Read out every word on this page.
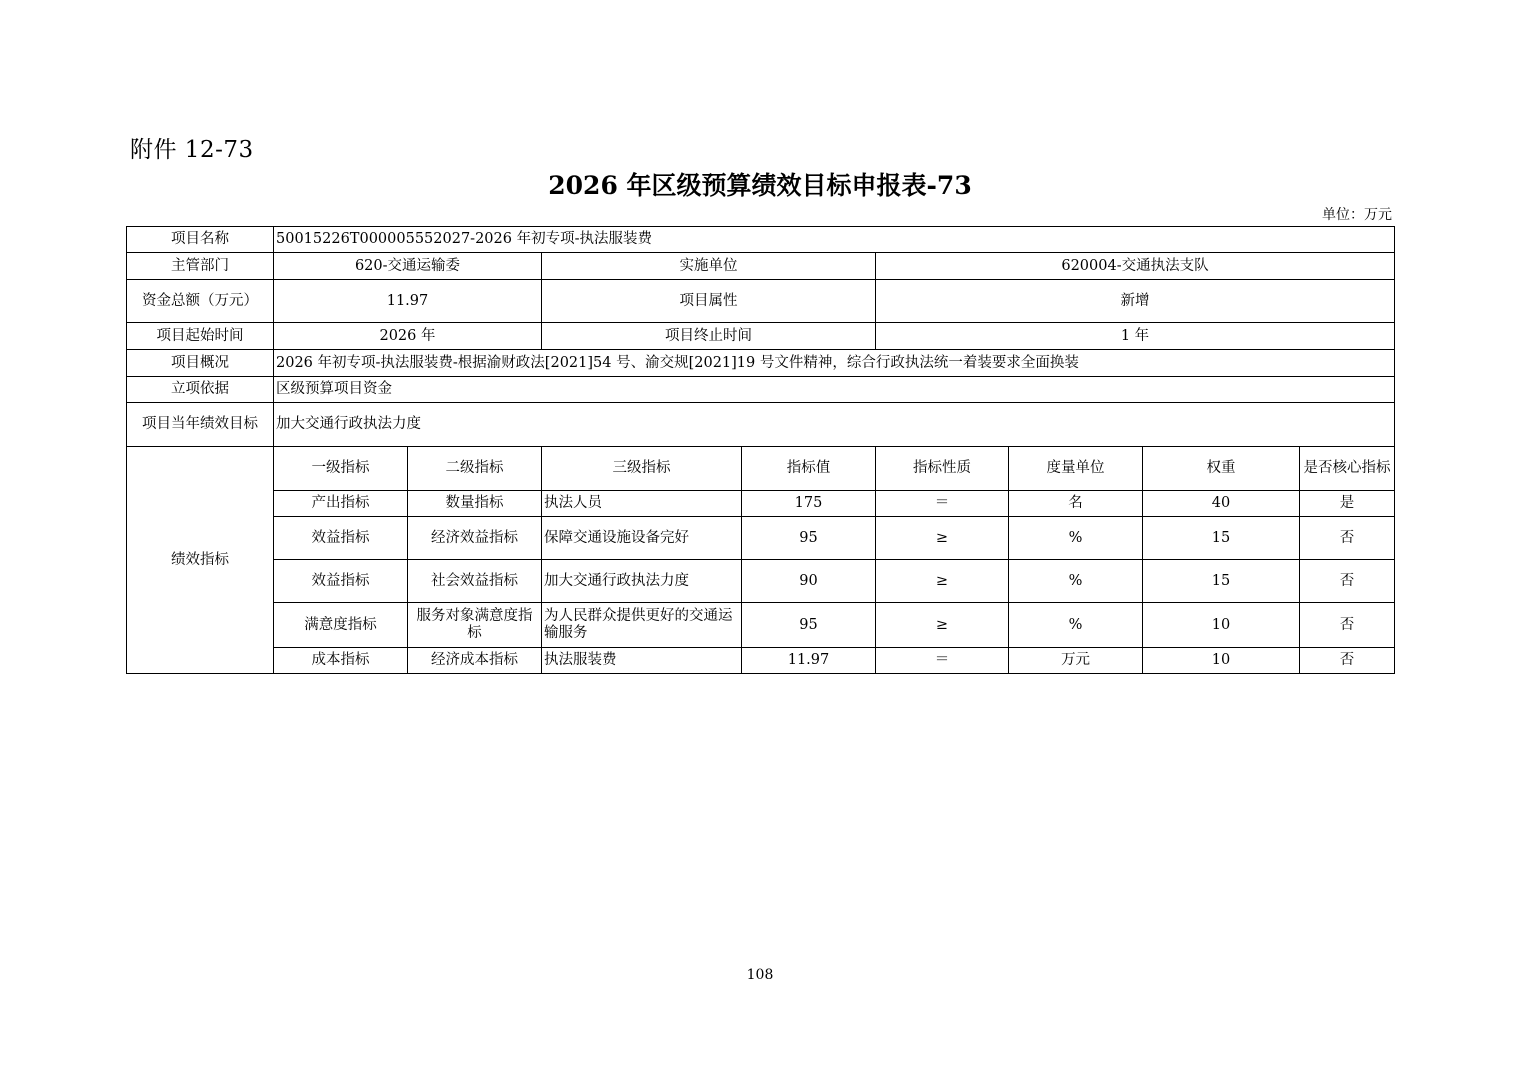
附件 12-73
2026 年区级预算绩效目标申报表-73
单位：万元
项目名称	50015226T000005552027-2026 年初专项-执法服装费							
主管部门	620-交通运输委		实施单位		620004-交通执法支队			
资金总额（万元）	11.97		项目属性		新增			
项目起始时间	2026 年		项目终止时间		1 年			
项目概况	2026 年初专项-执法服装费-根据渝财政法[2021]54 号、渝交规[2021]19 号文件精神，综合行政执法统一着装要求全面换装							
立项依据	区级预算项目资金							
项目当年绩效目标	加大交通行政执法力度							
绩效指标	一级指标	二级指标	三级指标	指标值	指标性质	度量单位	权重	是否核心指标
	产出指标	数量指标	执法人员	175	＝	名	40	是
	效益指标	经济效益指标	保障交通设施设备完好	95	≥	%	15	否
	效益指标	社会效益指标	加大交通行政执法力度	90	≥	%	15	否
	满意度指标	服务对象满意度指标	为人民群众提供更好的交通运输服务	95	≥	%	10	否
	成本指标	经济成本指标	执法服装费	11.97	＝	万元	10	否
108
